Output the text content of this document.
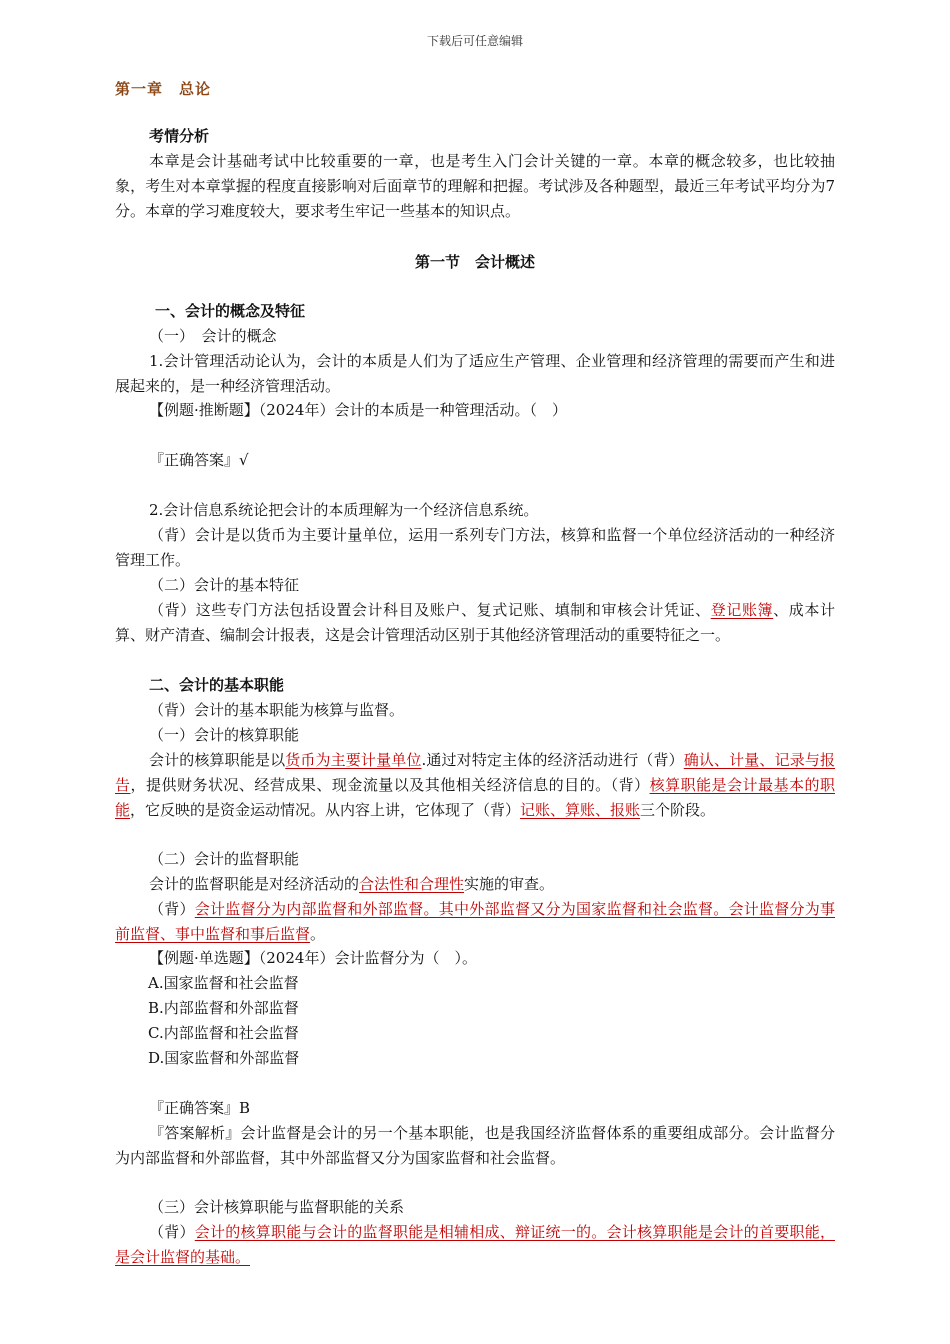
下载后可任意编辑
第一章　总论
考情分析
本章是会计基础考试中比较重要的一章，也是考生入门会计关键的一章。本章的概念较多，也比较抽象，考生对本章掌握的程度直接影响对后面章节的理解和把握。考试涉及各种题型，最近三年考试平均分为7分。本章的学习难度较大，要求考生牢记一些基本的知识点。
第一节　会计概述
一、会计的概念及特征
（一）　会计的概念
1.会计管理活动论认为，会计的本质是人们为了适应生产管理、企业管理和经济管理的需要而产生和进展起来的，是一种经济管理活动。
【例题·推断题】（2024年）会计的本质是一种管理活动。（　）
『正确答案』√
2.会计信息系统论把会计的本质理解为一个经济信息系统。
（背）会计是以货币为主要计量单位，运用一系列专门方法，核算和监督一个单位经济活动的一种经济管理工作。
（二）会计的基本特征
（背）这些专门方法包括设置会计科目及账户、复式记账、填制和审核会计凭证、登记账簿、成本计算、财产清查、编制会计报表，这是会计管理活动区别于其他经济管理活动的重要特征之一。
二、会计的基本职能
（背）会计的基本职能为核算与监督。
（一）会计的核算职能
会计的核算职能是以货币为主要计量单位.通过对特定主体的经济活动进行（背）确认、计量、记录与报告，提供财务状况、经营成果、现金流量以及其他相关经济信息的目的。（背）核算职能是会计最基本的职能，它反映的是资金运动情况。从内容上讲，它体现了（背）记账、算账、报账三个阶段。
（二）会计的监督职能
会计的监督职能是对经济活动的合法性和合理性实施的审查。
（背）会计监督分为内部监督和外部监督。其中外部监督又分为国家监督和社会监督。会计监督分为事前监督、事中监督和事后监督。
【例题·单选题】（2024年）会计监督分为（　）。
A.国家监督和社会监督
B.内部监督和外部监督
C.内部监督和社会监督
D.国家监督和外部监督
『正确答案』B
『答案解析』会计监督是会计的另一个基本职能，也是我国经济监督体系的重要组成部分。会计监督分为内部监督和外部监督，其中外部监督又分为国家监督和社会监督。
（三）会计核算职能与监督职能的关系
（背）会计的核算职能与会计的监督职能是相辅相成、辩证统一的。会计核算职能是会计的首要职能，是会计监督的基础。
